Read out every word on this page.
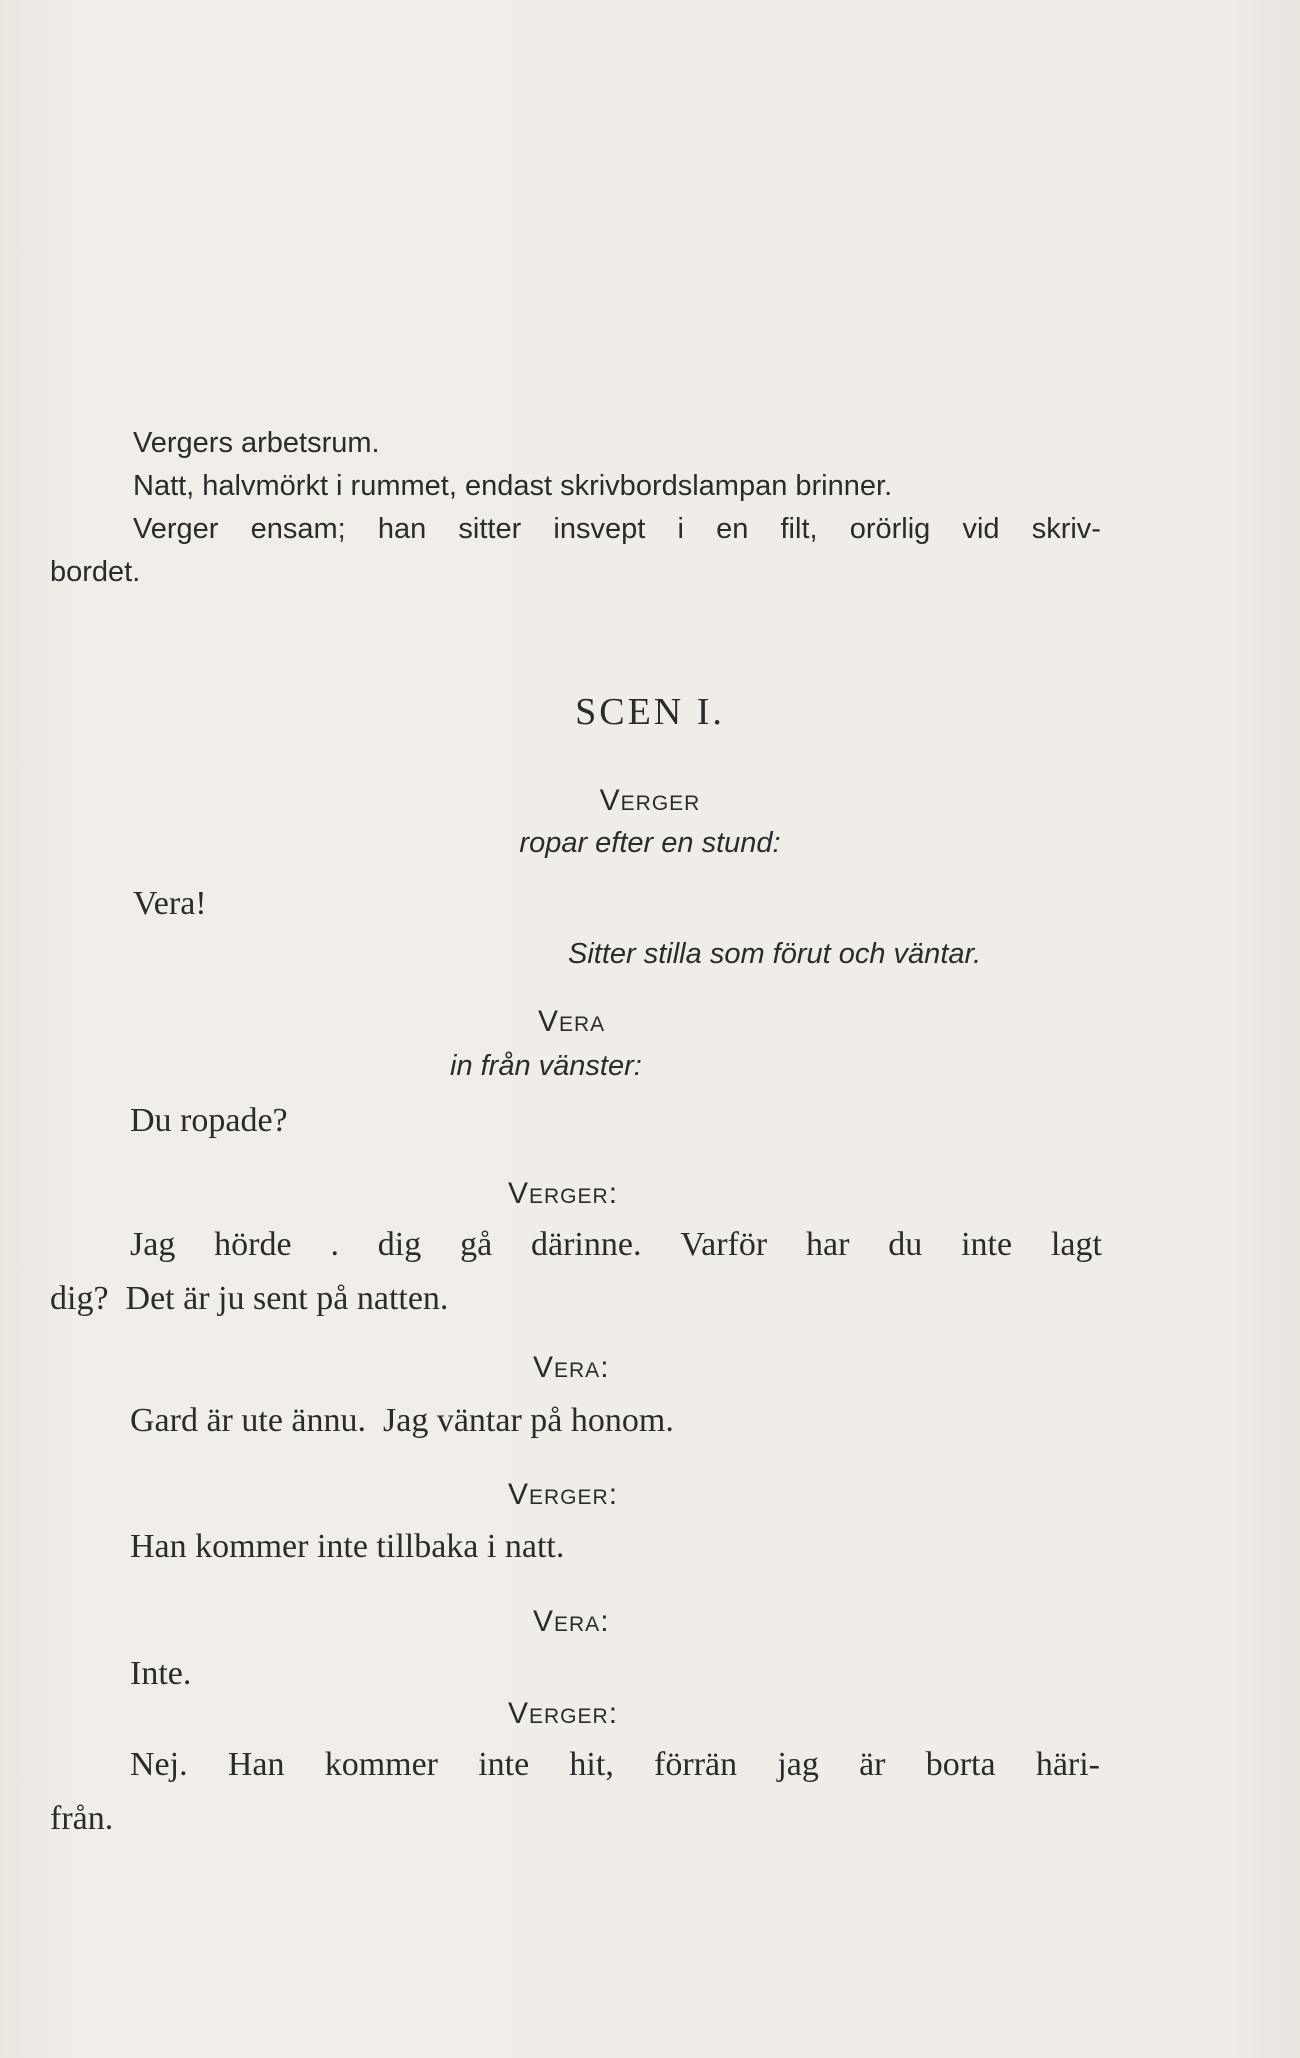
Vergers arbetsrum.
Natt, halvmörkt i rummet, endast skrivbordslampan brinner.
Verger ensam; han sitter insvept i en filt, orörlig vid skriv-
bordet.
SCEN I.
Verger
ropar efter en stund:
Vera!
Sitter stilla som förut och väntar.
Vera
in från vänster:
Du ropade?
Verger:
Jag hörde . dig gå därinne. Varför har du inte lagt
dig?  Det är ju sent på natten.
Vera:
Gard är ute ännu.  Jag väntar på honom.
Verger:
Han kommer inte tillbaka i natt.
Vera:
Inte.
Verger:
Nej. Han kommer inte hit, förrän jag är borta häri-
från.
